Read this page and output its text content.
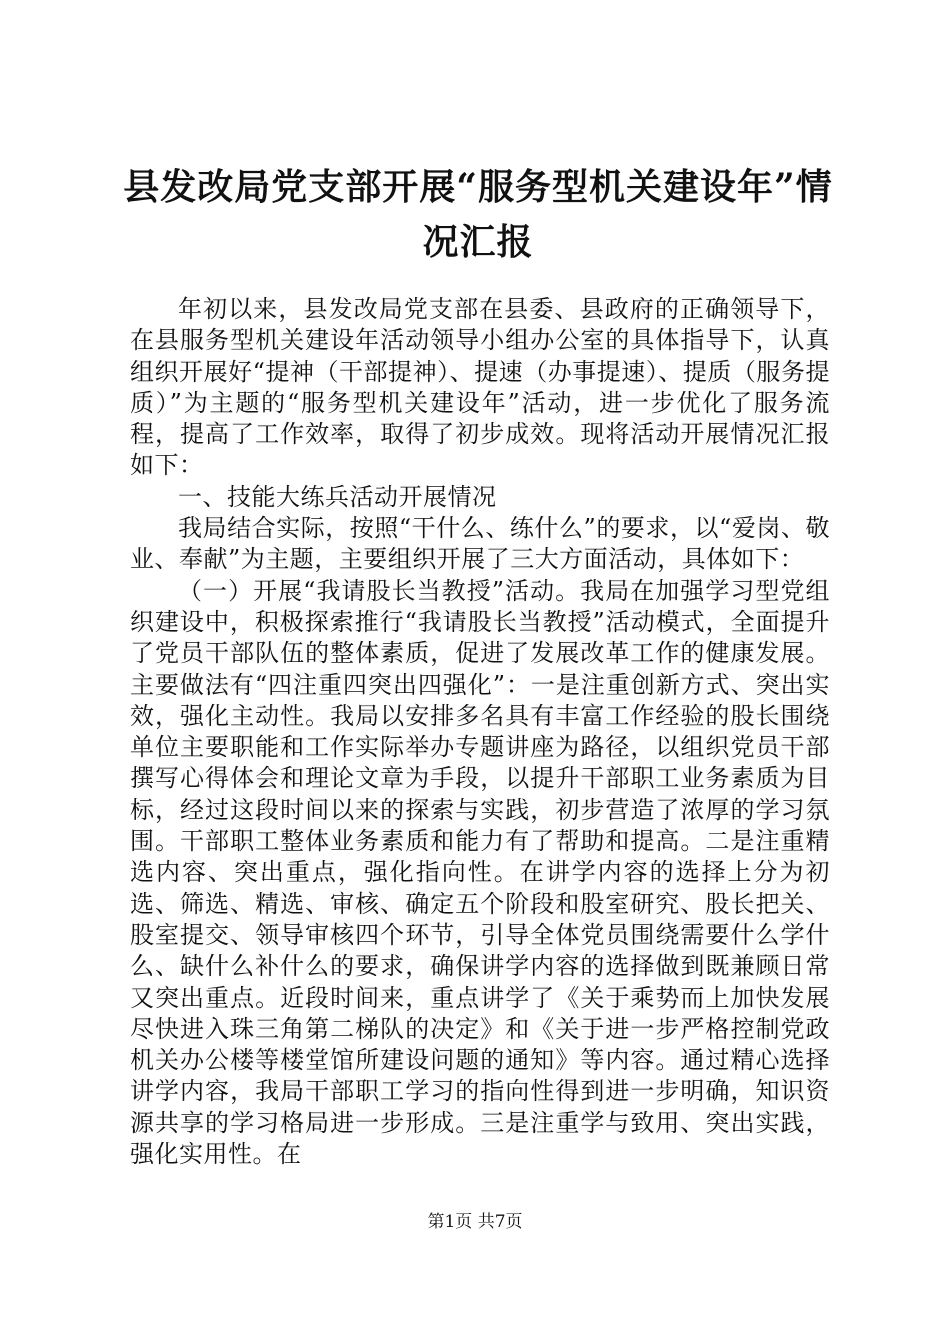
县发改局党支部开展“服务型机关建设年”情况汇报

年初以来，县发改局党支部在县委、县政府的正确领导下，在县服务型机关建设年活动领导小组办公室的具体指导下，认真组织开展好“提神（干部提神）、提速（办事提速）、提质（服务提质）”为主题的“服务型机关建设年”活动，进一步优化了服务流程，提高了工作效率，取得了初步成效。现将活动开展情况汇报如下：

一、技能大练兵活动开展情况

我局结合实际，按照“干什么、练什么”的要求，以“爱岗、敬业、奉献”为主题，主要组织开展了三大方面活动，具体如下：

（一）开展“我请股长当教授”活动。我局在加强学习型党组织建设中，积极探索推行“我请股长当教授”活动模式，全面提升了党员干部队伍的整体素质，促进了发展改革工作的健康发展。主要做法有“四注重四突出四强化”：一是注重创新方式、突出实效，强化主动性。我局以安排多名具有丰富工作经验的股长围绕单位主要职能和工作实际举办专题讲座为路径，以组织党员干部撰写心得体会和理论文章为手段，以提升干部职工业务素质为目标，经过这段时间以来的探索与实践，初步营造了浓厚的学习氛围。干部职工整体业务素质和能力有了帮助和提高。二是注重精选内容、突出重点，强化指向性。在讲学内容的选择上分为初选、筛选、精选、审核、确定五个阶段和股室研究、股长把关、股室提交、领导审核四个环节，引导全体党员围绕需要什么学什么、缺什么补什么的要求，确保讲学内容的选择做到既兼顾日常又突出重点。近段时间来，重点讲学了《关于乘势而上加快发展尽快进入珠三角第二梯队的决定》和《关于进一步严格控制党政机关办公楼等楼堂馆所建设问题的通知》等内容。通过精心选择讲学内容，我局干部职工学习的指向性得到进一步明确，知识资源共享的学习格局进一步形成。三是注重学与致用、突出实践，强化实用性。在

第1页 共7页
